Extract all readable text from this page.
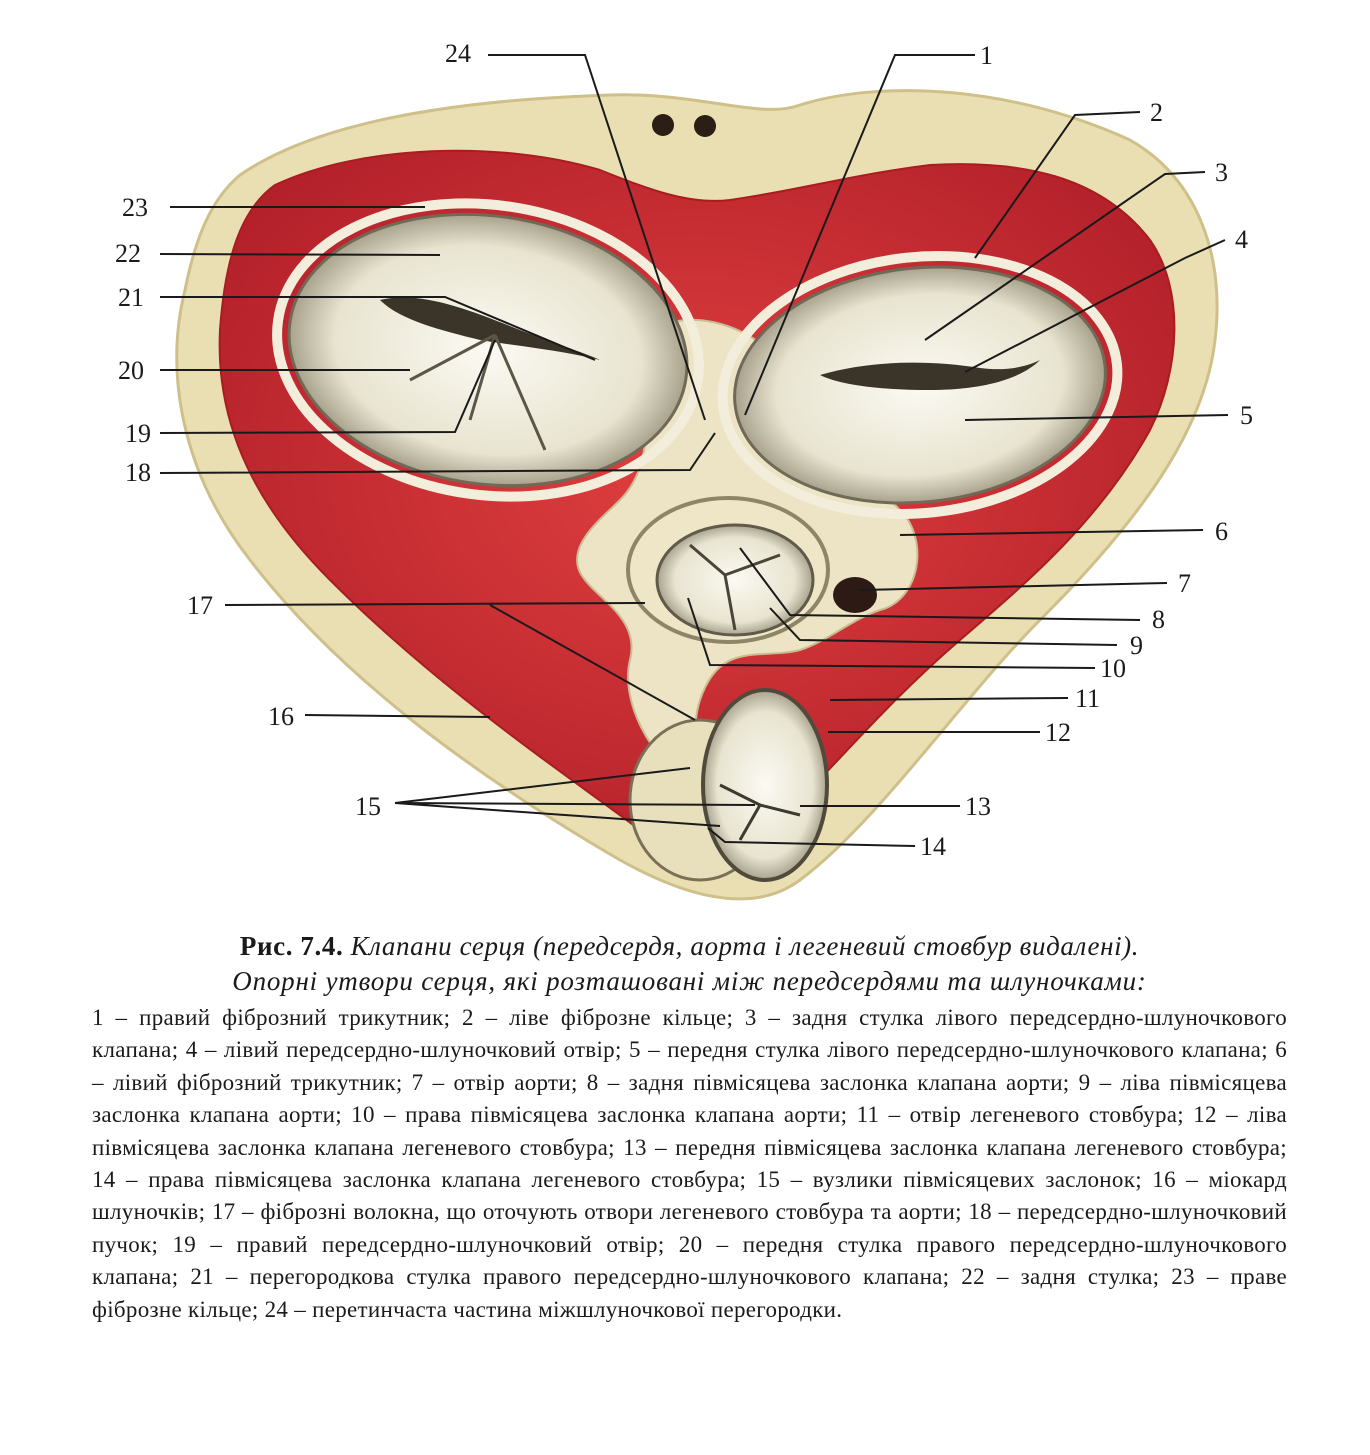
1
2
3
4
5
6
7
8
9
10
11
12
13
14
15
16
17
18
19
20
21
22
23
24

Рис. 7.4. Клапани серця (передсердя, аорта і легеневий стовбур видалені).

Опорні утвори серця, які розташовані між передсердями та шлуночками:

1 – правий фіброзний трикутник; 2 – ліве фіброзне кільце; 3 – задня стулка лівого передсердно-шлуночкового клапана; 4 – лівий передсердно-шлуночковий отвір; 5 – передня стулка лівого передсердно-шлуночкового клапана; 6 – лівий фіброзний трикутник; 7 – отвір аорти; 8 – задня півмісяцева заслонка клапана аорти; 9 – ліва півмісяцева заслонка клапана аорти; 10 – права півмісяцева заслонка клапана аорти; 11 – отвір легеневого стовбура; 12 – ліва півмісяцева заслонка клапана легеневого стовбура; 13 – передня півмісяцева заслонка клапана легеневого стовбура; 14 – права півмісяцева заслонка клапана легеневого стовбура; 15 – вузлики півмісяцевих заслонок; 16 – міокард шлуночків; 17 – фіброзні волокна, що оточують отвори легеневого стовбура та аорти; 18 – передсердно-шлуночковий пучок; 19 – правий передсердно-шлуночковий отвір; 20 – передня стулка правого передсердно-шлуночкового клапана; 21 – перегородкова стулка правого передсердно-шлуночкового клапана; 22 – задня стулка; 23 – праве фіброзне кільце; 24 – перетинчаста частина міжшлуночкової перегородки.
